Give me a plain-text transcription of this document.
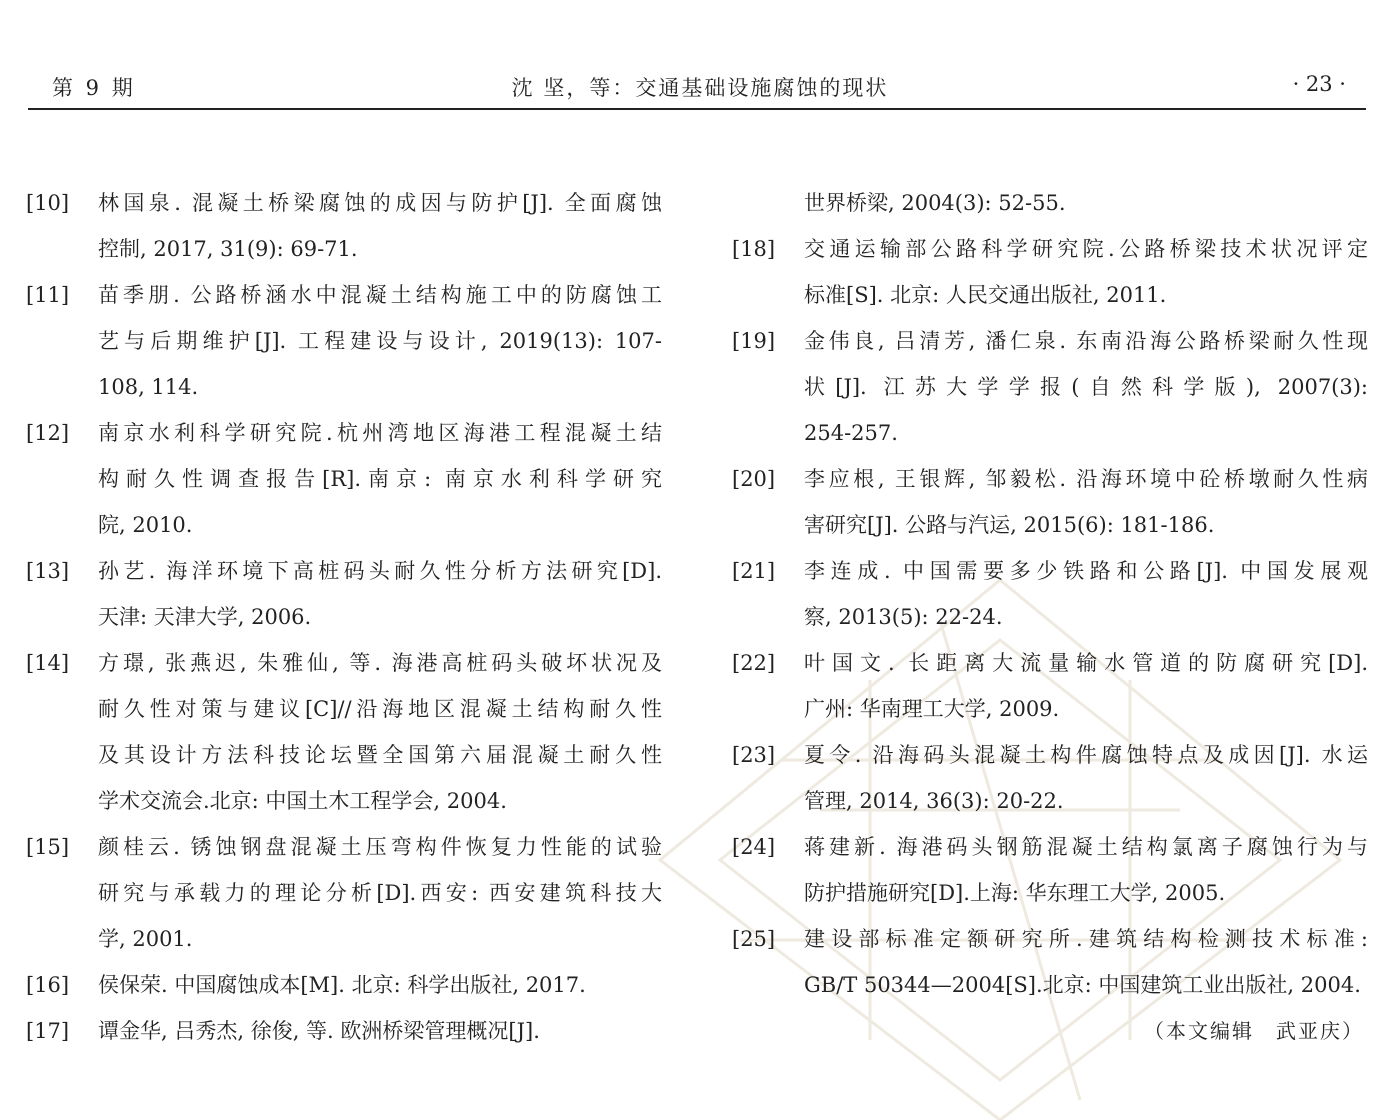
第 9 期	沈 坚，等：交通基础设施腐蚀的现状	· 23 ·
[10]	林国泉. 混凝土桥梁腐蚀的成因与防护[J]. 全面腐蚀
控制, 2017, 31(9): 69-71.
[11]	苗季朋. 公路桥涵水中混凝土结构施工中的防腐蚀工
艺与后期维护[J]. 工程建设与设计, 2019(13): 107-
108, 114.
[12]	南京水利科学研究院.杭州湾地区海港工程混凝土结
构耐久性调查报告[R].南京: 南京水利科学研究
院, 2010.
[13]	孙艺. 海洋环境下高桩码头耐久性分析方法研究[D].
天津: 天津大学, 2006.
[14]	方璟, 张燕迟, 朱雅仙, 等. 海港高桩码头破坏状况及
耐久性对策与建议[C]//沿海地区混凝土结构耐久性
及其设计方法科技论坛暨全国第六届混凝土耐久性
学术交流会.北京: 中国土木工程学会, 2004.
[15]	颜桂云. 锈蚀钢盘混凝土压弯构件恢复力性能的试验
研究与承载力的理论分析[D].西安: 西安建筑科技大
学, 2001.
[16]	侯保荣. 中国腐蚀成本[M]. 北京: 科学出版社, 2017.
[17]	谭金华, 吕秀杰, 徐俊, 等. 欧洲桥梁管理概况[J].
世界桥梁, 2004(3): 52-55.
[18]	交通运输部公路科学研究院.公路桥梁技术状况评定
标准[S]. 北京: 人民交通出版社, 2011.
[19]	金伟良, 吕清芳, 潘仁泉. 东南沿海公路桥梁耐久性现
状[J]. 江苏大学学报(自然科学版), 2007(3):
254-257.
[20]	李应根, 王银辉, 邹毅松. 沿海环境中砼桥墩耐久性病
害研究[J]. 公路与汽运, 2015(6): 181-186.
[21]	李连成. 中国需要多少铁路和公路[J]. 中国发展观
察, 2013(5): 22-24.
[22]	叶国文. 长距离大流量输水管道的防腐研究[D].
广州: 华南理工大学, 2009.
[23]	夏令. 沿海码头混凝土构件腐蚀特点及成因[J]. 水运
管理, 2014, 36(3): 20-22.
[24]	蒋建新. 海港码头钢筋混凝土结构氯离子腐蚀行为与
防护措施研究[D].上海: 华东理工大学, 2005.
[25]	建设部标准定额研究所.建筑结构检测技术标准:
GB/T 50344—2004[S].北京: 中国建筑工业出版社, 2004.
（本文编辑　武亚庆）
